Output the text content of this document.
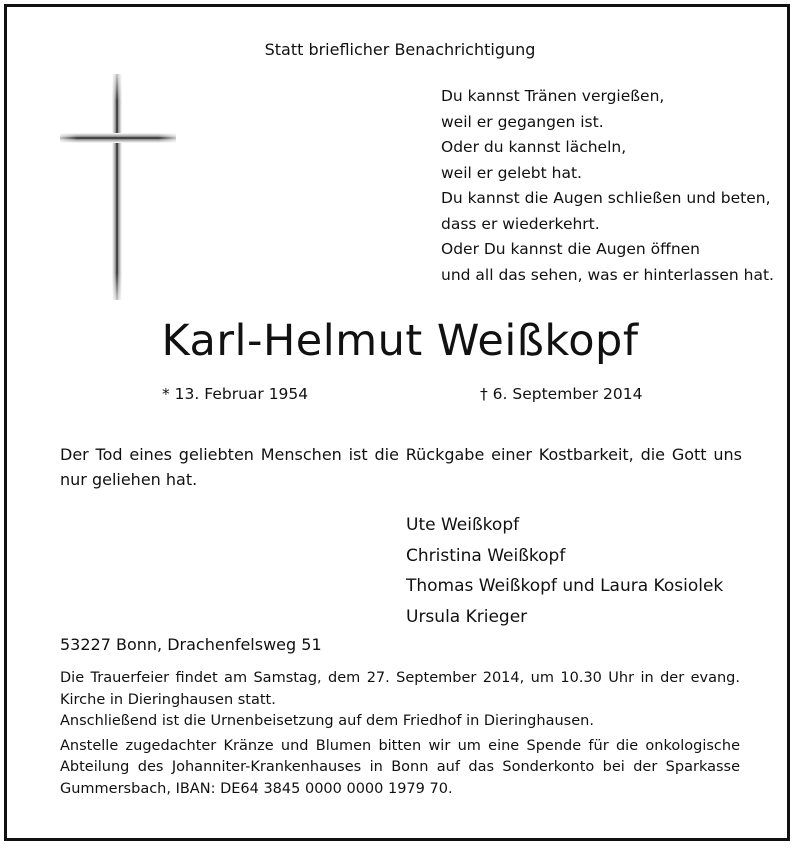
Statt brieflicher Benachrichtigung
Du kannst Tränen vergießen,
weil er gegangen ist.
Oder du kannst lächeln,
weil er gelebt hat.
Du kannst die Augen schließen und beten,
dass er wiederkehrt.
Oder Du kannst die Augen öffnen
und all das sehen, was er hinterlassen hat.
Karl-Helmut Weißkopf
* 13. Februar 1954	† 6. September 2014
Der Tod eines geliebten Menschen ist die Rückgabe einer Kostbarkeit, die Gott uns nur geliehen hat.
Ute Weißkopf
Christina Weißkopf
Thomas Weißkopf und Laura Kosiolek
Ursula Krieger
53227 Bonn, Drachenfelsweg 51

Die Trauerfeier findet am Samstag, dem 27. September 2014, um 10.30 Uhr in der evang. Kirche in Dieringhausen statt.

Anschließend ist die Urnenbeisetzung auf dem Friedhof in Dieringhausen.

Anstelle zugedachter Kränze und Blumen bitten wir um eine Spende für die onkologische Abteilung des Johanniter-Krankenhauses in Bonn auf das Sonderkonto bei der Sparkasse Gummersbach, IBAN: DE64 3845 0000 0000 1979 70.
